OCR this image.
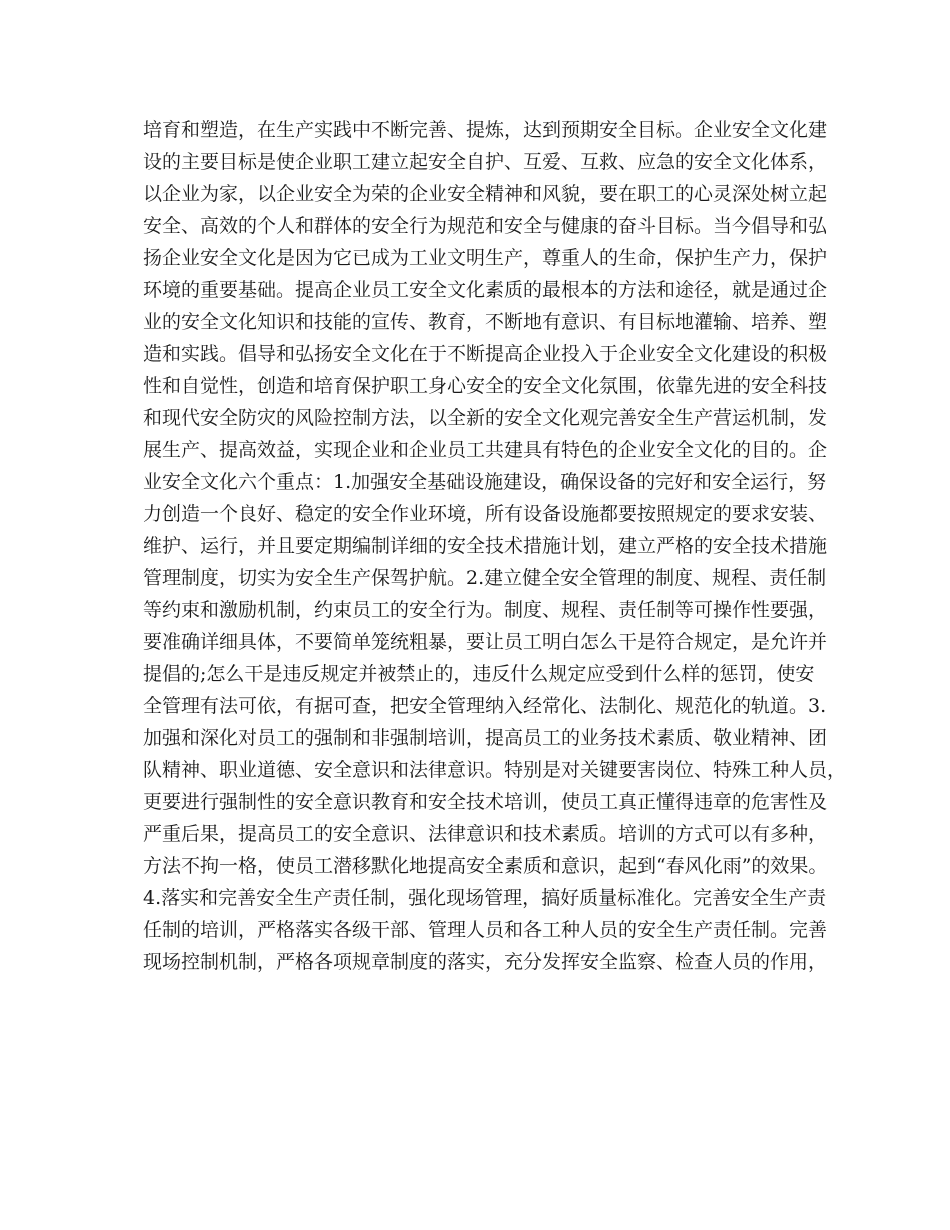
培育和塑造，在生产实践中不断完善、提炼，达到预期安全目标。企业安全文化建
设的主要目标是使企业职工建立起安全自护、互爱、互救、应急的安全文化体系，
以企业为家，以企业安全为荣的企业安全精神和风貌，要在职工的心灵深处树立起
安全、高效的个人和群体的安全行为规范和安全与健康的奋斗目标。当今倡导和弘
扬企业安全文化是因为它已成为工业文明生产，尊重人的生命，保护生产力，保护
环境的重要基础。提高企业员工安全文化素质的最根本的方法和途径，就是通过企
业的安全文化知识和技能的宣传、教育，不断地有意识、有目标地灌输、培养、塑
造和实践。倡导和弘扬安全文化在于不断提高企业投入于企业安全文化建设的积极
性和自觉性，创造和培育保护职工身心安全的安全文化氛围，依靠先进的安全科技
和现代安全防灾的风险控制方法，以全新的安全文化观完善安全生产营运机制，发
展生产、提高效益，实现企业和企业员工共建具有特色的企业安全文化的目的。企
业安全文化六个重点：1.加强安全基础设施建设，确保设备的完好和安全运行，努
力创造一个良好、稳定的安全作业环境，所有设备设施都要按照规定的要求安装、
维护、运行，并且要定期编制详细的安全技术措施计划，建立严格的安全技术措施
管理制度，切实为安全生产保驾护航。2.建立健全安全管理的制度、规程、责任制
等约束和激励机制，约束员工的安全行为。制度、规程、责任制等可操作性要强，
要准确详细具体，不要简单笼统粗暴，要让员工明白怎么干是符合规定，是允许并
提倡的;怎么干是违反规定并被禁止的，违反什么规定应受到什么样的惩罚，使安
全管理有法可依，有据可查，把安全管理纳入经常化、法制化、规范化的轨道。3.
加强和深化对员工的强制和非强制培训，提高员工的业务技术素质、敬业精神、团
队精神、职业道德、安全意识和法律意识。特别是对关键要害岗位、特殊工种人员，
更要进行强制性的安全意识教育和安全技术培训，使员工真正懂得违章的危害性及
严重后果，提高员工的安全意识、法律意识和技术素质。培训的方式可以有多种，
方法不拘一格，使员工潜移默化地提高安全素质和意识，起到“春风化雨”的效果。
4.落实和完善安全生产责任制，强化现场管理，搞好质量标准化。完善安全生产责
任制的培训，严格落实各级干部、管理人员和各工种人员的安全生产责任制。完善
现场控制机制，严格各项规章制度的落实，充分发挥安全监察、检查人员的作用，
